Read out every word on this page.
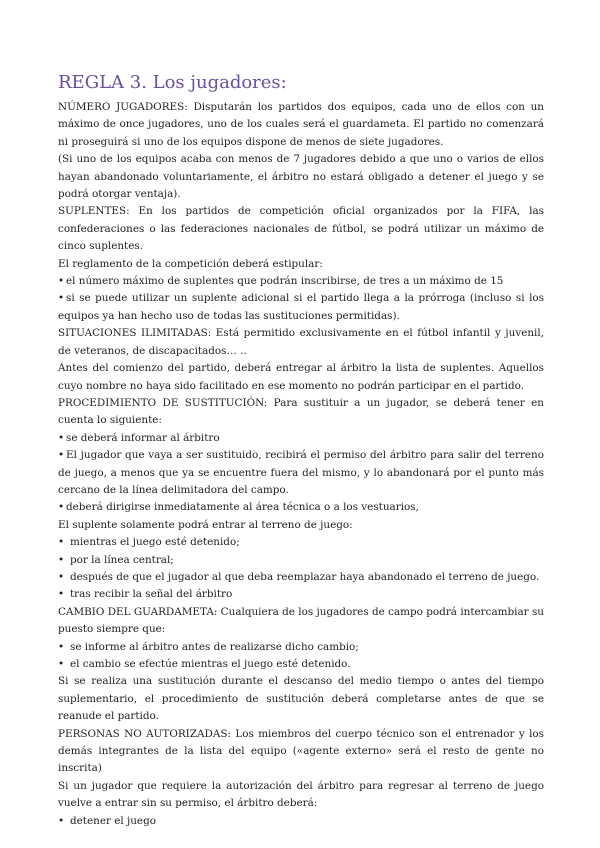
REGLA 3. Los jugadores:

NÚMERO JUGADORES: Disputarán los partidos dos equipos, cada uno de ellos con un máximo de once jugadores, uno de los cuales será el guardameta. El partido no comenzará ni proseguirá si uno de los equipos dispone de menos de siete jugadores.

(Si uno de los equipos acaba con menos de 7 jugadores debido a que uno o varios de ellos hayan abandonado voluntariamente, el árbitro no estará obligado a detener el juego y se podrá otorgar ventaja).

SUPLENTES: En los partidos de competición oficial organizados por la FIFA, las confederaciones o las federaciones nacionales de fútbol, se podrá utilizar un máximo de cinco suplentes.

El reglamento de la competición deberá estipular:

• el número máximo de suplentes que podrán inscribirse, de tres a un máximo de 15

• si se puede utilizar un suplente adicional si el partido llega a la prórroga (incluso si los equipos ya han hecho uso de todas las sustituciones permitidas).

SITUACIONES ILIMITADAS: Está permitido exclusivamente en el fútbol infantil y juvenil, de veteranos, de discapacitados… ..

Antes del comienzo del partido, deberá entregar al árbitro la lista de suplentes. Aquellos cuyo nombre no haya sido facilitado en ese momento no podrán participar en el partido.

PROCEDIMIENTO DE SUSTITUCIÓN: Para sustituir a un jugador, se deberá tener en cuenta lo siguiente:

• se deberá informar al árbitro

• El jugador que vaya a ser sustituido, recibirá el permiso del árbitro para salir del terreno de juego, a menos que ya se encuentre fuera del mismo, y lo abandonará por el punto más cercano de la línea delimitadora del campo.

• deberá dirigirse inmediatamente al área técnica o a los vestuarios,

El suplente solamente podrá entrar al terreno de juego:

• mientras el juego esté detenido;

• por la línea central;

• después de que el jugador al que deba reemplazar haya abandonado el terreno de juego.

• tras recibir la señal del árbitro

CAMBIO DEL GUARDAMETA: Cualquiera de los jugadores de campo podrá intercambiar su puesto siempre que:

• se informe al árbitro antes de realizarse dicho cambio;

• el cambio se efectúe mientras el juego esté detenido.

Si se realiza una sustitución durante el descanso del medio tiempo o antes del tiempo suplementario, el procedimiento de sustitución deberá completarse antes de que se reanude el partido.

PERSONAS NO AUTORIZADAS: Los miembros del cuerpo técnico son el entrenador y los demás integrantes de la lista del equipo («agente externo» será el resto de gente no inscrita)

Si un jugador que requiere la autorización del árbitro para regresar al terreno de juego vuelve a entrar sin su permiso, el árbitro deberá:

• detener el juego
